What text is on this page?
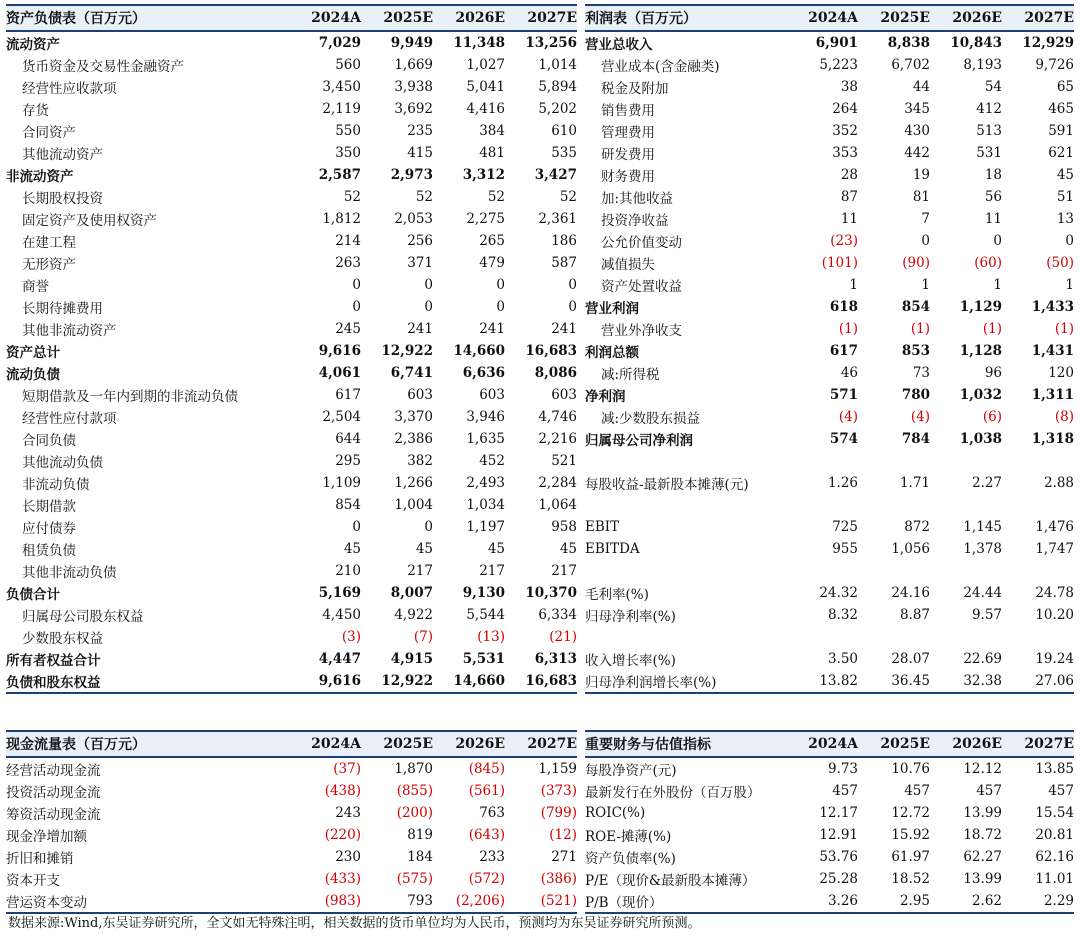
资产负债表（百万元）	2024A	2025E	2026E	2027E
流动资产	7,029	9,949	11,348	13,256
货币资金及交易性金融资产	560	1,669	1,027	1,014
经营性应收款项	3,450	3,938	5,041	5,894
存货	2,119	3,692	4,416	5,202
合同资产	550	235	384	610
其他流动资产	350	415	481	535
非流动资产	2,587	2,973	3,312	3,427
长期股权投资	52	52	52	52
固定资产及使用权资产	1,812	2,053	2,275	2,361
在建工程	214	256	265	186
无形资产	263	371	479	587
商誉	0	0	0	0
长期待摊费用	0	0	0	0
其他非流动资产	245	241	241	241
资产总计	9,616	12,922	14,660	16,683
流动负债	4,061	6,741	6,636	8,086
短期借款及一年内到期的非流动负债	617	603	603	603
经营性应付款项	2,504	3,370	3,946	4,746
合同负债	644	2,386	1,635	2,216
其他流动负债	295	382	452	521
非流动负债	1,109	1,266	2,493	2,284
长期借款	854	1,004	1,034	1,064
应付债券	0	0	1,197	958
租赁负债	45	45	45	45
其他非流动负债	210	217	217	217
负债合计	5,169	8,007	9,130	10,370
归属母公司股东权益	4,450	4,922	5,544	6,334
少数股东权益	(3)	(7)	(13)	(21)
所有者权益合计	4,447	4,915	5,531	6,313
负债和股东权益	9,616	12,922	14,660	16,683
利润表（百万元）	2024A	2025E	2026E	2027E
营业总收入	6,901	8,838	10,843	12,929
营业成本(含金融类)	5,223	6,702	8,193	9,726
税金及附加	38	44	54	65
销售费用	264	345	412	465
管理费用	352	430	513	591
研发费用	353	442	531	621
财务费用	28	19	18	45
加:其他收益	87	81	56	51
投资净收益	11	7	11	13
公允价值变动	(23)	0	0	0
减值损失	(101)	(90)	(60)	(50)
资产处置收益	1	1	1	1
营业利润	618	854	1,129	1,433
营业外净收支	(1)	(1)	(1)	(1)
利润总额	617	853	1,128	1,431
减:所得税	46	73	96	120
净利润	571	780	1,032	1,311
减:少数股东损益	(4)	(4)	(6)	(8)
归属母公司净利润	574	784	1,038	1,318
每股收益-最新股本摊薄(元)	1.26	1.71	2.27	2.88
EBIT	725	872	1,145	1,476
EBITDA	955	1,056	1,378	1,747
毛利率(%)	24.32	24.16	24.44	24.78
归母净利率(%)	8.32	8.87	9.57	10.20
收入增长率(%)	3.50	28.07	22.69	19.24
归母净利润增长率(%)	13.82	36.45	32.38	27.06
现金流量表（百万元）	2024A	2025E	2026E	2027E
经营活动现金流	(37)	1,870	(845)	1,159
投资活动现金流	(438)	(855)	(561)	(373)
筹资活动现金流	243	(200)	763	(799)
现金净增加额	(220)	819	(643)	(12)
折旧和摊销	230	184	233	271
资本开支	(433)	(575)	(572)	(386)
营运资本变动	(983)	793	(2,206)	(521)
重要财务与估值指标	2024A	2025E	2026E	2027E
每股净资产(元)	9.73	10.76	12.12	13.85
最新发行在外股份（百万股）	457	457	457	457
ROIC(%)	12.17	12.72	13.99	15.54
ROE-摊薄(%)	12.91	15.92	18.72	20.81
资产负债率(%)	53.76	61.97	62.27	62.16
P/E（现价&最新股本摊薄）	25.28	18.52	13.99	11.01
P/B（现价）	3.26	2.95	2.62	2.29
数据来源:Wind,东吴证券研究所，全文如无特殊注明，相关数据的货币单位均为人民币，预测均为东吴证券研究所预测。
